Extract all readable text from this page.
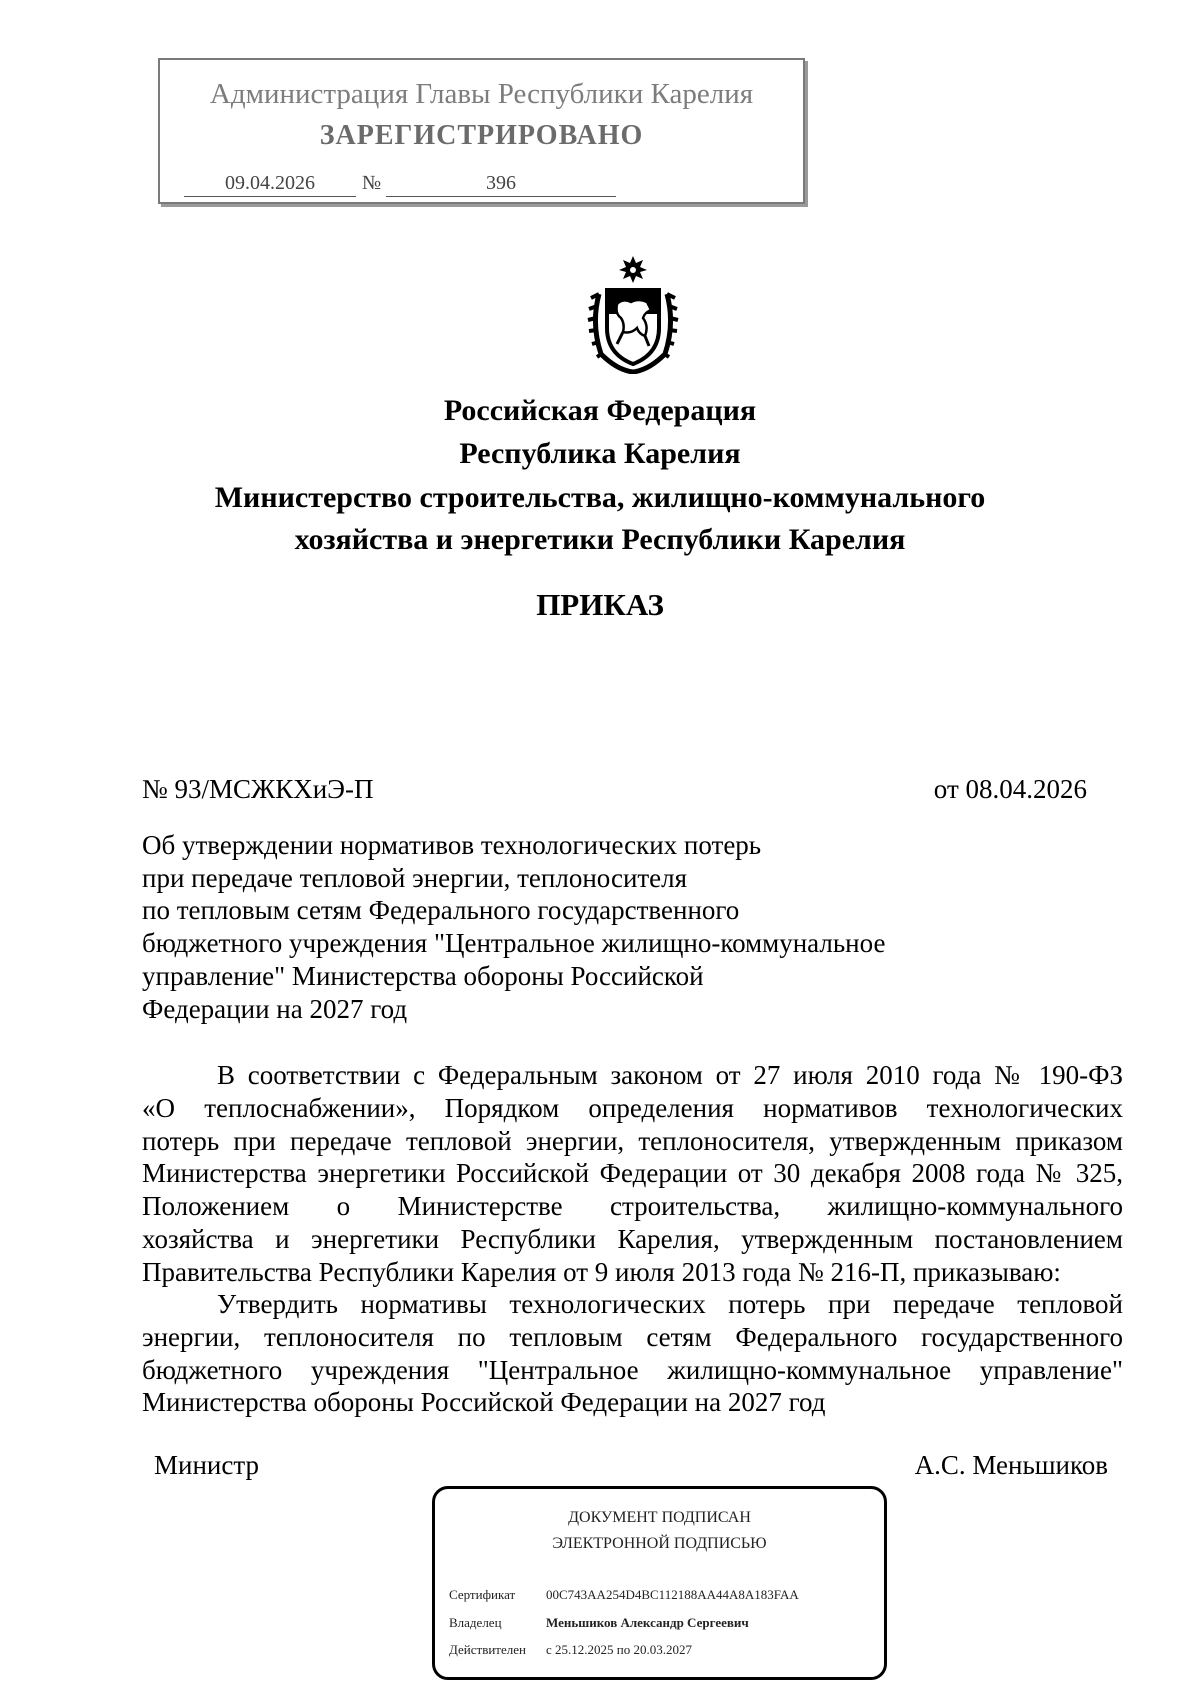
Администрация Главы Республики Карелия
ЗАРЕГИСТРИРОВАНО
09.04.2026	№	396
Российская Федерация
Республика Карелия
Министерство строительства, жилищно-коммунального
хозяйства и энергетики Республики Карелия
ПРИКАЗ
№ 93/МСЖКХиЭ-П	от 08.04.2026
Об утверждении нормативов технологических потерь
при передаче тепловой энергии, теплоносителя
по тепловым сетям Федерального государственного
бюджетного учреждения "Центральное жилищно-коммунальное
управление" Министерства обороны Российской
Федерации на 2027 год
В соответствии с Федеральным законом от 27 июля 2010 года № 190-ФЗ
«О теплоснабжении», Порядком определения нормативов технологических
потерь при передаче тепловой энергии, теплоносителя, утвержденным приказом
Министерства энергетики Российской Федерации от 30 декабря 2008 года № 325,
Положением о Министерстве строительства, жилищно-коммунального
хозяйства и энергетики Республики Карелия, утвержденным постановлением
Правительства Республики Карелия от 9 июля 2013 года № 216-П, приказываю:
Утвердить нормативы технологических потерь при передаче тепловой
энергии, теплоносителя по тепловым сетям Федерального государственного
бюджетного учреждения "Центральное жилищно-коммунальное управление"
Министерства обороны Российской Федерации на 2027 год
Министр	А.С. Меньшиков
ДОКУМЕНТ ПОДПИСАН
ЭЛЕКТРОННОЙ ПОДПИСЬЮ
Сертификат 00C743AA254D4BC112188AA44A8A183FAA
Владелец	Меньшиков Александр Сергеевич
Действителен с 25.12.2025 по 20.03.2027
